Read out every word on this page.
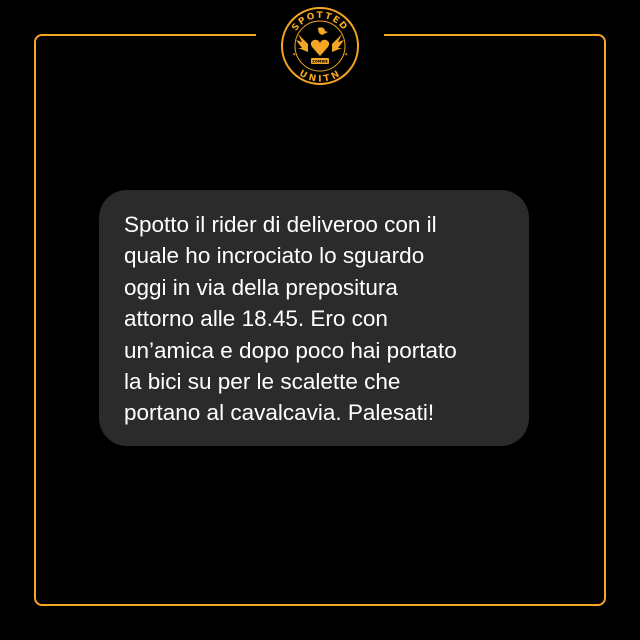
SPOTTED
UNITN
ZOMBIE
✦	✦

Spotto il rider di deliveroo con il
quale ho incrociato lo sguardo
oggi in via della prepositura
attorno alle 18.45. Ero con
un’amica e dopo poco hai portato
la bici su per le scalette che
portano al cavalcavia. Palesati!
